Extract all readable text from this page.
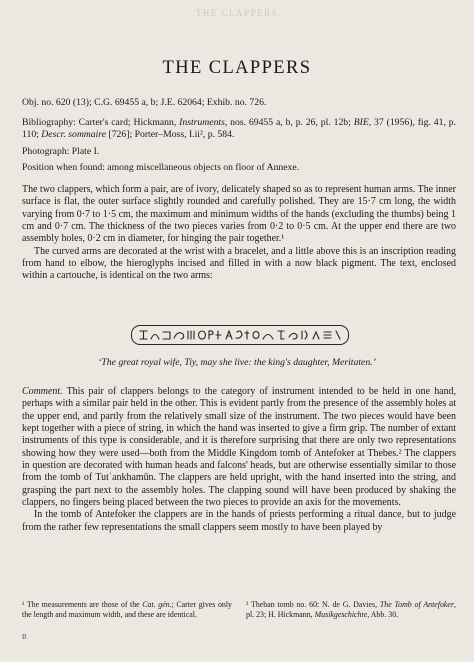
THE CLAPPERS
THE CLAPPERS
Obj. no. 620 (13); C.G. 69455 a, b; J.E. 62064; Exhib. no. 726.
Bibliography: Carter's card; Hickmann, Instruments, nos. 69455 a, b, p. 26, pl. 12b; BIE, 37 (1956), fig. 41, p. 110; Descr. sommaire [726]; Porter–Moss, I.ii², p. 584.
Photograph: Plate I.
Position when found: among miscellaneous objects on floor of Annexe.

The two clappers, which form a pair, are of ivory, delicately shaped so as to represent human arms. The inner surface is flat, the outer surface slightly rounded and carefully polished. They are 15·7 cm long, the width varying from 0·7 to 1·5 cm, the maximum and minimum widths of the hands (excluding the thumbs) being 1 cm and 0·7 cm. The thickness of the two pieces varies from 0·2 to 0·5 cm. At the upper end there are two assembly holes, 0·2 cm in diameter, for hinging the pair together.¹

The curved arms are decorated at the wrist with a bracelet, and a little above this is an inscription reading from hand to elbow, the hieroglyphs incised and filled in with a now black pigment. The text, enclosed within a cartouche, is identical on the two arms:

‘The great royal wife, Tiy, may she live: the king's daughter, Meritaten.’

Comment. This pair of clappers belongs to the category of instrument intended to be held in one hand, perhaps with a similar pair held in the other. This is evident partly from the presence of the assembly holes at the upper end, and partly from the relatively small size of the instrument. The two pieces would have been kept together with a piece of string, in which the hand was inserted to give a firm grip. The number of extant instruments of this type is considerable, and it is therefore surprising that there are only two representations showing how they were used—both from the Middle Kingdom tomb of Antefoker at Thebes.² The clappers in question are decorated with human heads and falcons' heads, but are otherwise essentially similar to those from the tomb of Tutʿankhamūn. The clappers are held upright, with the hand inserted into the string, and grasping the part next to the assembly holes. The clapping sound will have been produced by shaking the clappers, no fingers being placed between the two pieces to provide an axis for the movements.

In the tomb of Antefoker the clappers are in the hands of priests performing a ritual dance, but to judge from the rather few representations the small clappers seem mostly to have been played by

¹ The measurements are those of the Cat. gén.; Carter gives only the length and maximum width, and these are identical.
² Theban tomb no. 60: N. de G. Davies, The Tomb of Antefoker, pl. 23; H. Hickmann, Musikgeschichte, Abb. 30.
B
